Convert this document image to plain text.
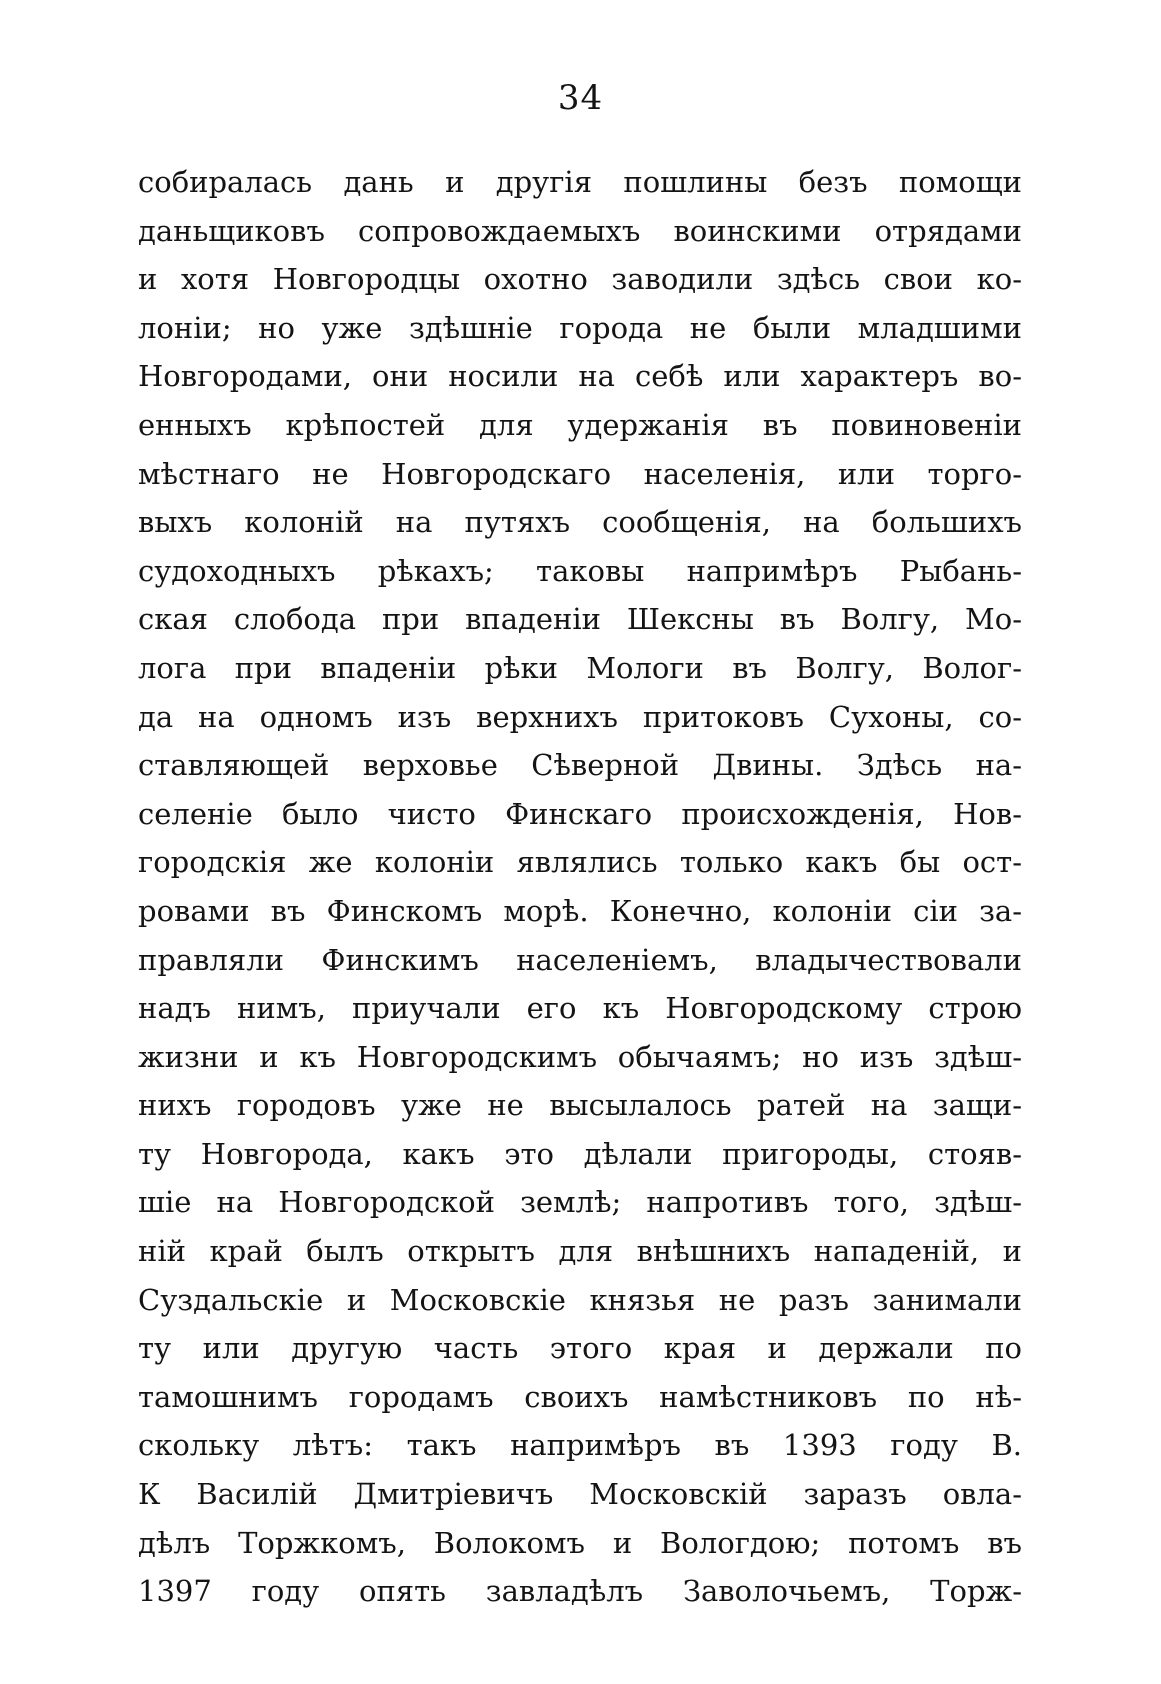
34
собиралась дань и другія пошлины безъ помощи
даньщиковъ сопровождаемыхъ воинскими отрядами
и хотя Новгородцы охотно заводили здѣсь свои ко-
лоніи; но уже здѣшніе города не были младшими
Новгородами, они носили на себѣ или характеръ во-
енныхъ крѣпостей для удержанія въ повиновеніи
мѣстнаго не Новгородскаго населенія, или торго-
выхъ колоній на путяхъ сообщенія, на большихъ
судоходныхъ рѣкахъ; таковы напримѣръ Рыбань-
ская слобода при впаденіи Шексны въ Волгу, Мо-
лога при впаденіи рѣки Мологи въ Волгу, Волог-
да на одномъ изъ верхнихъ притоковъ Сухоны, со-
ставляющей верховье Сѣверной Двины. Здѣсь на-
селеніе было чисто Финскаго происхожденія, Нов-
городскія же колоніи являлись только какъ бы ост-
ровами въ Финскомъ морѣ. Конечно, колоніи сіи за-
правляли Финскимъ населеніемъ, владычествовали
надъ нимъ, приучали его къ Новгородскому строю
жизни и къ Новгородскимъ обычаямъ; но изъ здѣш-
нихъ городовъ уже не высылалось ратей на защи-
ту Новгорода, какъ это дѣлали пригороды, стояв-
шіе на Новгородской землѣ; напротивъ того, здѣш-
ній край былъ открытъ для внѣшнихъ нападеній, и
Суздальскіе и Московскіе князья не разъ занимали
ту или другую часть этого края и держали по
тамошнимъ городамъ своихъ намѣстниковъ по нѣ-
скольку лѣтъ: такъ напримѣръ въ 1393 году В.
К Василій Дмитріевичъ Московскій заразъ овла-
дѣлъ Торжкомъ, Волокомъ и Вологдою; потомъ въ
1397 году опять завладѣлъ Заволочьемъ, Торж-
